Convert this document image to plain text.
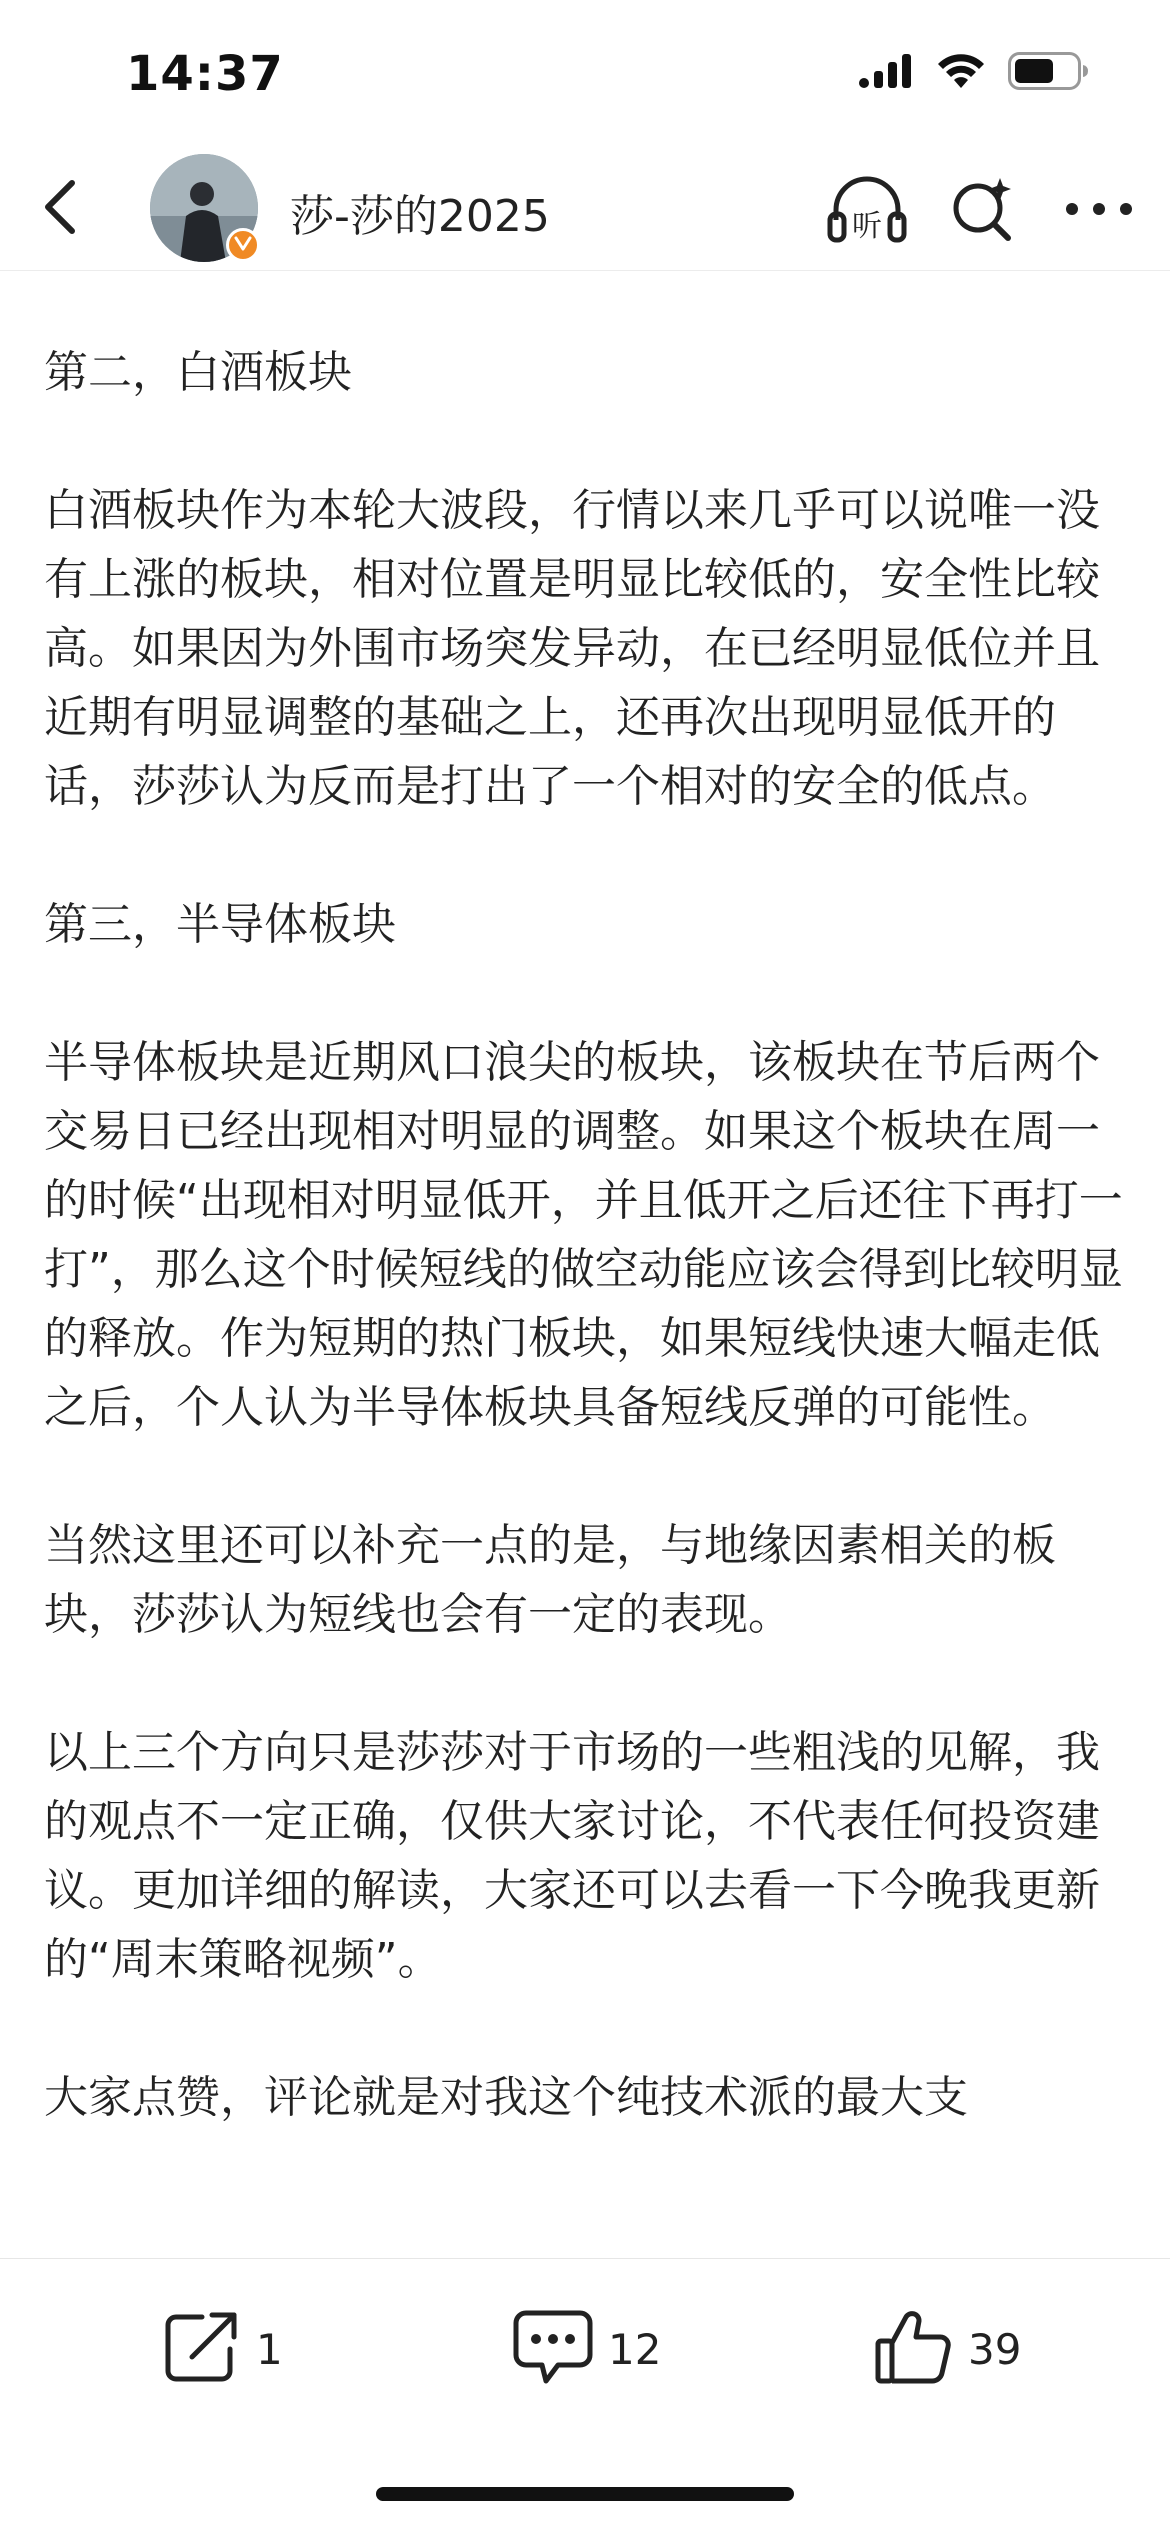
14:37
莎-莎的2025	听

第二，白酒板块

白酒板块作为本轮大波段，行情以来几乎可以说唯一没有上涨的板块，相对位置是明显比较低的，安全性比较高。如果因为外围市场突发异动，在已经明显低位并且近期有明显调整的基础之上，还再次出现明显低开的话，莎莎认为反而是打出了一个相对的安全的低点。

第三，半导体板块

半导体板块是近期风口浪尖的板块，该板块在节后两个交易日已经出现相对明显的调整。如果这个板块在周一的时候“出现相对明显低开，并且低开之后还往下再打一打”，那么这个时候短线的做空动能应该会得到比较明显的释放。作为短期的热门板块，如果短线快速大幅走低之后，个人认为半导体板块具备短线反弹的可能性。

当然这里还可以补充一点的是，与地缘因素相关的板块，莎莎认为短线也会有一定的表现。

以上三个方向只是莎莎对于市场的一些粗浅的见解，我的观点不一定正确，仅供大家讨论，不代表任何投资建议。更加详细的解读，大家还可以去看一下今晚我更新的“周末策略视频”。

大家点赞，评论就是对我这个纯技术派的最大支

1	12	39
